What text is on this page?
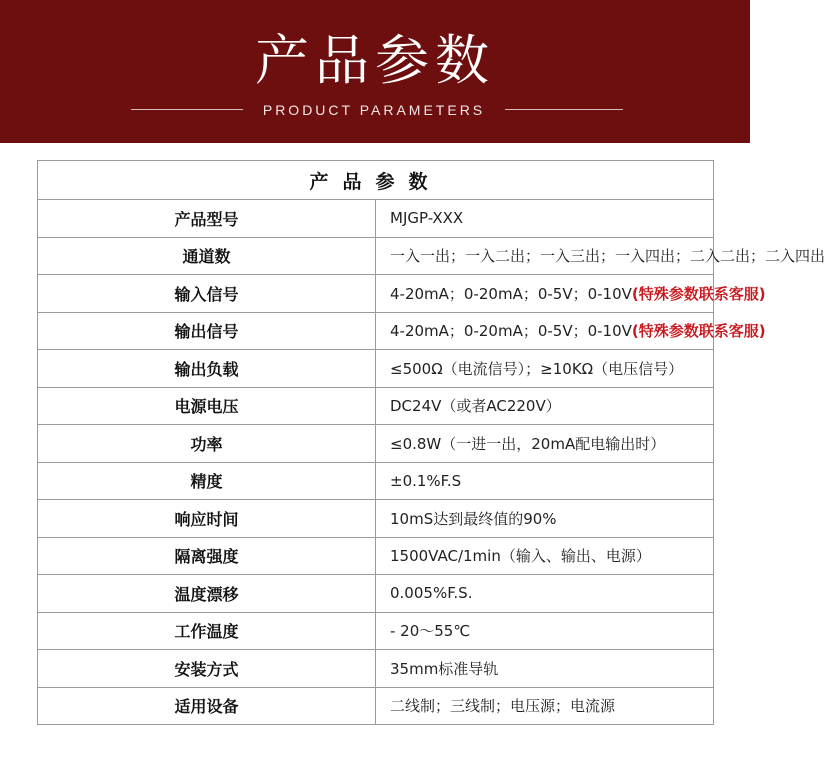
产品参数
PRODUCT PARAMETERS
产品参数	
产品型号	MJGP-XXX
通道数	一入一出；一入二出；一入三出；一入四出；二入二出；二入四出
输入信号	4-20mA；0-20mA；0-5V；0-10V(特殊参数联系客服)
输出信号	4-20mA；0-20mA；0-5V；0-10V(特殊参数联系客服)
输出负载	≤500Ω（电流信号）；≥10KΩ（电压信号）
电源电压	DC24V（或者AC220V）
功率	≤0.8W（一进一出，20mA配电输出时）
精度	±0.1%F.S
响应时间	10mS达到最终值的90%
隔离强度	1500VAC/1min（输入、输出、电源）
温度漂移	0.005%F.S.
工作温度	- 20～55℃
安装方式	35mm标准导轨
适用设备	二线制；三线制；电压源；电流源
